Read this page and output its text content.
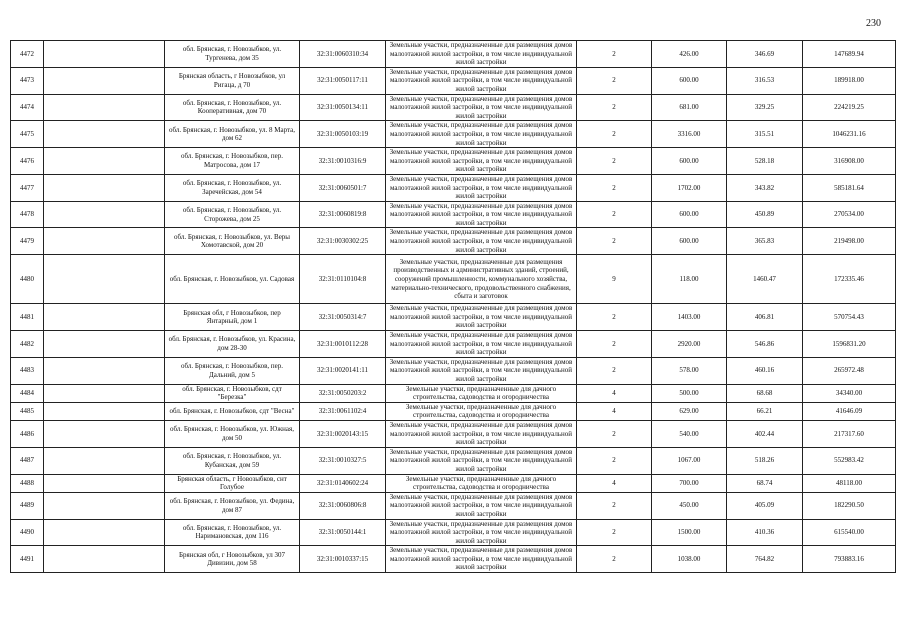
230
4472		обл. Брянская, г. Новозыбков, ул. Тургенева, дом 35	32:31:0060310:34	Земельные участки, предназначенные для размещения домов малоэтажной жилой застройки, в том числе индивидуальной жилой застройки	2	426.00	346.69	147689.94
4473		Брянская область, г Новозыбков, ул Ригаца, д 70	32:31:0050117:11	Земельные участки, предназначенные для размещения домов малоэтажной жилой застройки, в том числе индивидуальной жилой застройки	2	600.00	316.53	189918.00
4474		обл. Брянская, г. Новозыбков, ул. Кооперативная, дом 70	32:31:0050134:11	Земельные участки, предназначенные для размещения домов малоэтажной жилой застройки, в том числе индивидуальной жилой застройки	2	681.00	329.25	224219.25
4475		обл. Брянская, г. Новозыбков, ул. 8 Марта, дом 62	32:31:0050103:19	Земельные участки, предназначенные для размещения домов малоэтажной жилой застройки, в том числе индивидуальной жилой застройки	2	3316.00	315.51	1046231.16
4476		обл. Брянская, г. Новозыбков, пер. Матросова, дом 17	32:31:0010316:9	Земельные участки, предназначенные для размещения домов малоэтажной жилой застройки, в том числе индивидуальной жилой застройки	2	600.00	528.18	316908.00
4477		обл. Брянская, г. Новозыбков, ул. Заречейская, дом 54	32:31:0060501:7	Земельные участки, предназначенные для размещения домов малоэтажной жилой застройки, в том числе индивидуальной жилой застройки	2	1702.00	343.82	585181.64
4478		обл. Брянская, г. Новозыбков, ул. Сторожева, дом 25	32:31:0060819:8	Земельные участки, предназначенные для размещения домов малоэтажной жилой застройки, в том числе индивидуальной жилой застройки	2	600.00	450.89	270534.00
4479		обл. Брянская, г. Новозыбков, ул. Веры Хомотавской, дом 20	32:31:0030302:25	Земельные участки, предназначенные для размещения домов малоэтажной жилой застройки, в том числе индивидуальной жилой застройки	2	600.00	365.83	219498.00
4480		обл. Брянская, г. Новозыбков, ул. Садовая	32:31:0110104:8	Земельные участки, предназначенные для размещения производственных и административных зданий, строений, сооружений промышленности, коммунального хозяйства, материально-технического, продовольственного снабжения, сбыта и заготовок	9	118.00	1460.47	172335.46
4481		Брянская обл, г Новозыбков, пер Янтарный, дом 1	32:31:0050314:7	Земельные участки, предназначенные для размещения домов малоэтажной жилой застройки, в том числе индивидуальной жилой застройки	2	1403.00	406.81	570754.43
4482		обл. Брянская, г. Новозыбков, ул. Красина, дом 28-30	32:31:0010112:28	Земельные участки, предназначенные для размещения домов малоэтажной жилой застройки, в том числе индивидуальной жилой застройки	2	2920.00	546.86	1596831.20
4483		обл. Брянская, г. Новозыбков, пер. Дальний, дом 5	32:31:0020141:11	Земельные участки, предназначенные для размещения домов малоэтажной жилой застройки, в том числе индивидуальной жилой застройки	2	578.00	460.16	265972.48
4484		обл. Брянская, г. Новозыбков, сдт "Березка"	32:31:0050203:2	Земельные участки, предназначенные для дачного строительства, садоводства и огородничества	4	500.00	68.68	34340.00
4485		обл. Брянская, г. Новозыбков, сдт "Весна"	32:31:0061102:4	Земельные участки, предназначенные для дачного строительства, садоводства и огородничества	4	629.00	66.21	41646.09
4486		обл. Брянская, г. Новозыбков, ул. Южная, дом 50	32:31:0020143:15	Земельные участки, предназначенные для размещения домов малоэтажной жилой застройки, в том числе индивидуальной жилой застройки	2	540.00	402.44	217317.60
4487		обл. Брянская, г. Новозыбков, ул. Кубанская, дом 59	32:31:0010327:5	Земельные участки, предназначенные для размещения домов малоэтажной жилой застройки, в том числе индивидуальной жилой застройки	2	1067.00	518.26	552983.42
4488		Брянская область, г Новозыбков, снт Голубое	32:31:0140602:24	Земельные участки, предназначенные для дачного строительства, садоводства и огородничества	4	700.00	68.74	48118.00
4489		обл. Брянская, г. Новозыбков, ул. Федина, дом 87	32:31:0060806:8	Земельные участки, предназначенные для размещения домов малоэтажной жилой застройки, в том числе индивидуальной жилой застройки	2	450.00	405.09	182290.50
4490		обл. Брянская, г. Новозыбков, ул. Наримановская, дом 116	32:31:0050144:1	Земельные участки, предназначенные для размещения домов малоэтажной жилой застройки, в том числе индивидуальной жилой застройки	2	1500.00	410.36	615540.00
4491		Брянская обл, г Новозыбков, ул 307 Дивизии, дом 58	32:31:0010337:15	Земельные участки, предназначенные для размещения домов малоэтажной жилой застройки, в том числе индивидуальной жилой застройки	2	1038.00	764.82	793883.16
